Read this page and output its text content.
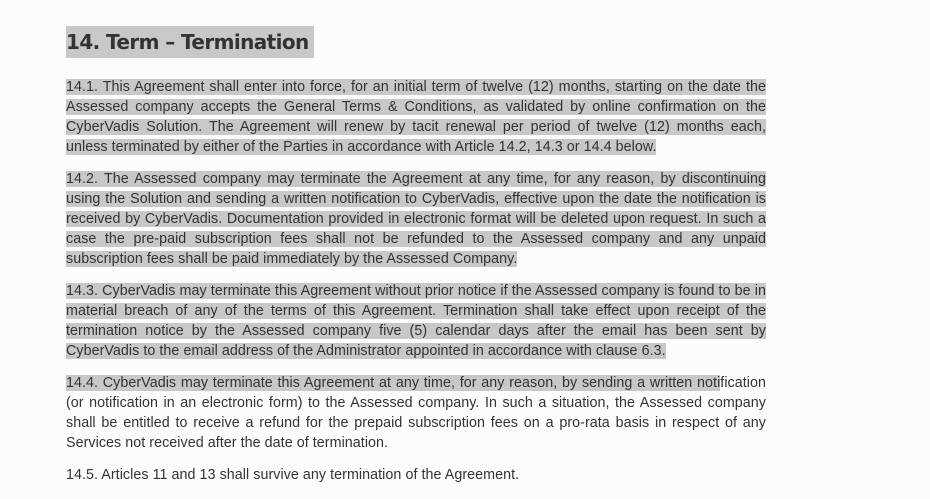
14. Term – Termination

14.1. This Agreement shall enter into force, for an initial term of twelve (12) months, starting on the date the Assessed company accepts the General Terms & Conditions, as validated by online confirmation on the CyberVadis Solution. The Agreement will renew by tacit renewal per period of twelve (12) months each, unless terminated by either of the Parties in accordance with Article 14.2, 14.3 or 14.4 below.

14.2. The Assessed company may terminate the Agreement at any time, for any reason, by discontinuing using the Solution and sending a written notification to CyberVadis, effective upon the date the notification is received by CyberVadis. Documentation provided in electronic format will be deleted upon request. In such a case the pre-paid subscription fees shall not be refunded to the Assessed company and any unpaid subscription fees shall be paid immediately by the Assessed Company.

14.3. CyberVadis may terminate this Agreement without prior notice if the Assessed company is found to be in material breach of any of the terms of this Agreement. Termination shall take effect upon receipt of the termination notice by the Assessed company five (5) calendar days after the email has been sent by CyberVadis to the email address of the Administrator appointed in accordance with clause 6.3.

14.4. CyberVadis may terminate this Agreement at any time, for any reason, by sending a written notification (or notification in an electronic form) to the Assessed company. In such a situation, the Assessed company shall be entitled to receive a refund for the prepaid subscription fees on a pro-rata basis in respect of any Services not received after the date of termination.

14.5. Articles 11 and 13 shall survive any termination of the Agreement.
